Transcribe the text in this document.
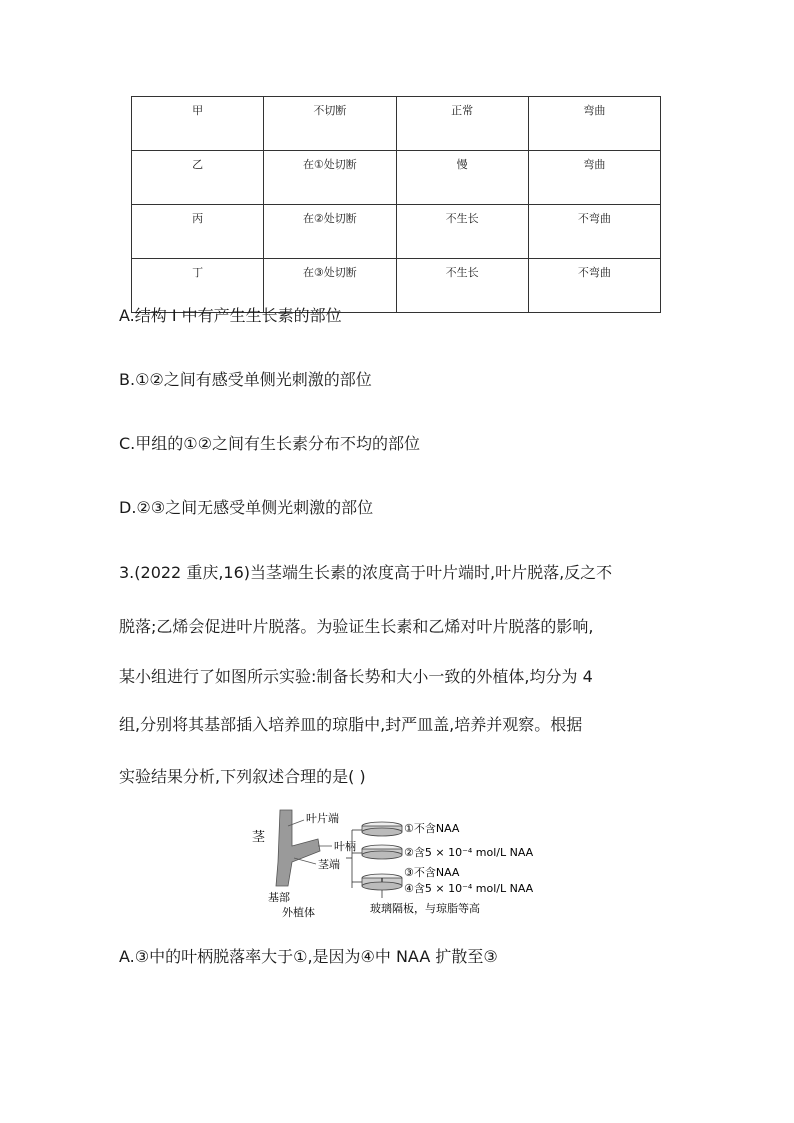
甲	不切断	正常	弯曲
乙	在①处切断	慢	弯曲
丙	在②处切断	不生长	不弯曲
丁	在③处切断	不生长	不弯曲
A.结构 I 中有产生生长素的部位
B.①②之间有感受单侧光刺激的部位
C.甲组的①②之间有生长素分布不均的部位
D.②③之间无感受单侧光刺激的部位
3.(2022 重庆,16)当茎端生长素的浓度高于叶片端时,叶片脱落,反之不
脱落;乙烯会促进叶片脱落。为验证生长素和乙烯对叶片脱落的影响,
某小组进行了如图所示实验:制备长势和大小一致的外植体,均分为 4
组,分别将其基部插入培养皿的琼脂中,封严皿盖,培养并观察。根据
实验结果分析,下列叙述合理的是( )
茎
叶片端
叶柄
茎端
基部
外植体
①不含NAA
②含5 × 10⁻⁴ mol/L NAA
③不含NAA
④含5 × 10⁻⁴ mol/L NAA
玻璃隔板，与琼脂等高
A.③中的叶柄脱落率大于①,是因为④中 NAA 扩散至③
